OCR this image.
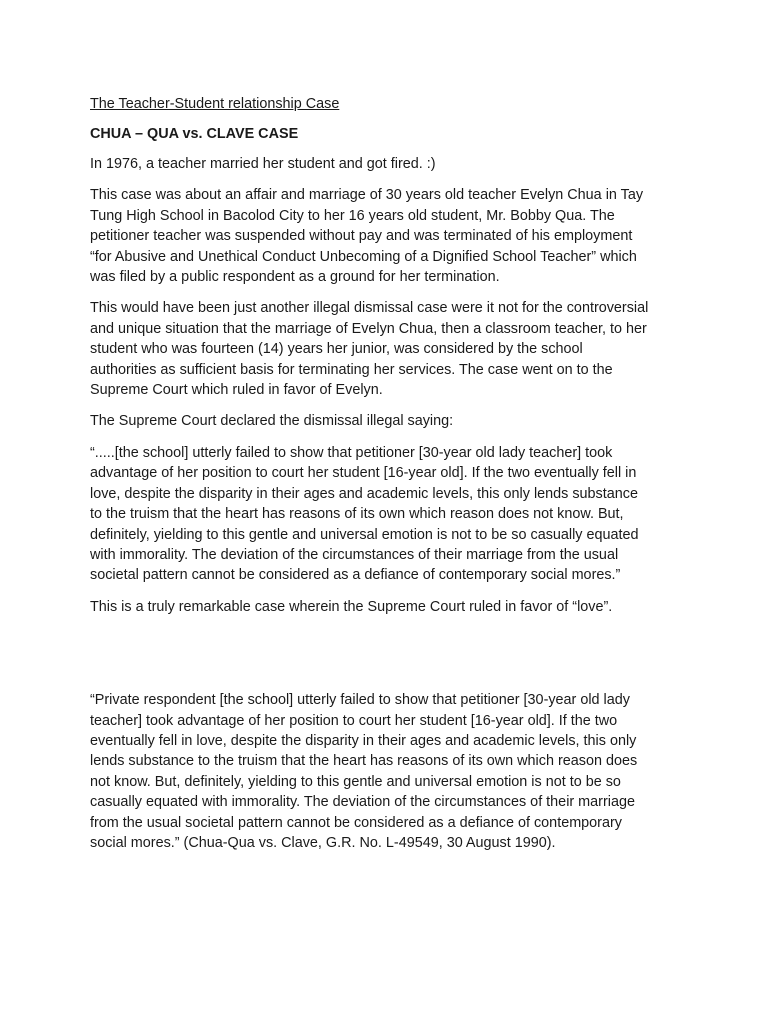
The Teacher-Student relationship Case
CHUA – QUA vs. CLAVE CASE

In 1976, a teacher married her student and got fired. :)

This case was about an affair and marriage of 30 years old teacher Evelyn Chua in Tay
Tung High School in Bacolod City to her 16 years old student, Mr. Bobby Qua. The
petitioner teacher was suspended without pay and was terminated of his employment
“for Abusive and Unethical Conduct Unbecoming of a Dignified School Teacher” which
was filed by a public respondent as a ground for her termination.

This would have been just another illegal dismissal case were it not for the controversial
and unique situation that the marriage of Evelyn Chua, then a classroom teacher, to her
student who was fourteen (14) years her junior, was considered by the school
authorities as sufficient basis for terminating her services. The case went on to the
Supreme Court which ruled in favor of Evelyn.

The Supreme Court declared the dismissal illegal saying:

“.....[the school] utterly failed to show that petitioner [30-year old lady teacher] took
advantage of her position to court her student [16-year old]. If the two eventually fell in
love, despite the disparity in their ages and academic levels, this only lends substance
to the truism that the heart has reasons of its own which reason does not know. But,
definitely, yielding to this gentle and universal emotion is not to be so casually equated
with immorality. The deviation of the circumstances of their marriage from the usual
societal pattern cannot be considered as a defiance of contemporary social mores.”

This is a truly remarkable case wherein the Supreme Court ruled in favor of “love”.

“Private respondent [the school] utterly failed to show that petitioner [30-year old lady
teacher] took advantage of her position to court her student [16-year old]. If the two
eventually fell in love, despite the disparity in their ages and academic levels, this only
lends substance to the truism that the heart has reasons of its own which reason does
not know. But, definitely, yielding to this gentle and universal emotion is not to be so
casually equated with immorality. The deviation of the circumstances of their marriage
from the usual societal pattern cannot be considered as a defiance of contemporary
social mores.” (Chua-Qua vs. Clave, G.R. No. L-49549, 30 August 1990).
